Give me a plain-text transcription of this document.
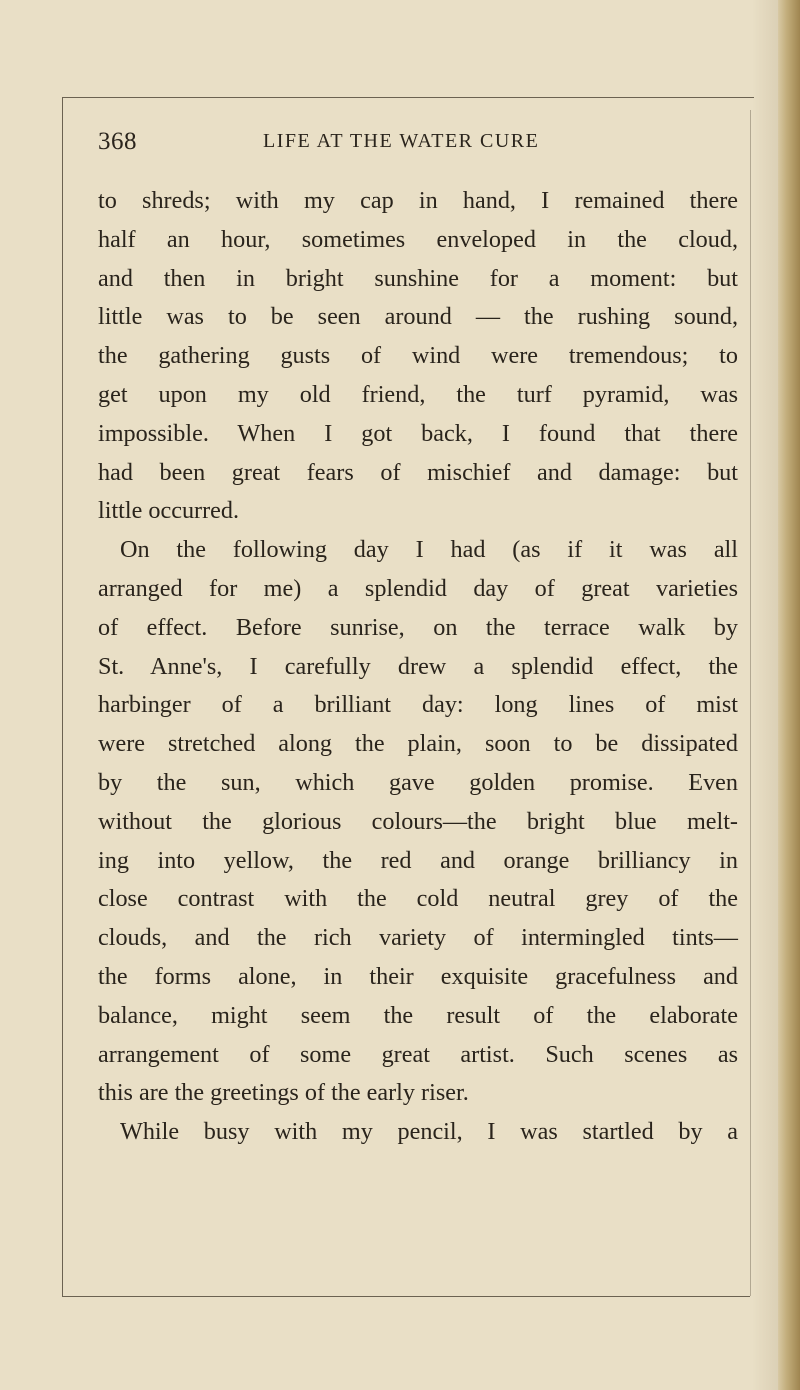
368	LIFE AT THE WATER CURE
to shreds; with my cap in hand, I remained there
half an hour, sometimes enveloped in the cloud,
and then in bright sunshine for a moment: but
little was to be seen around — the rushing sound,
the gathering gusts of wind were tremendous; to
get upon my old friend, the turf pyramid, was
impossible. When I got back, I found that there
had been great fears of mischief and damage: but
little occurred.
On the following day I had (as if it was all
arranged for me) a splendid day of great varieties
of effect. Before sunrise, on the terrace walk by
St. Anne's, I carefully drew a splendid effect, the
harbinger of a brilliant day: long lines of mist
were stretched along the plain, soon to be dissipated
by the sun, which gave golden promise. Even
without the glorious colours—the bright blue melt-
ing into yellow, the red and orange brilliancy in
close contrast with the cold neutral grey of the
clouds, and the rich variety of intermingled tints—
the forms alone, in their exquisite gracefulness and
balance, might seem the result of the elaborate
arrangement of some great artist. Such scenes as
this are the greetings of the early riser.
While busy with my pencil, I was startled by a
